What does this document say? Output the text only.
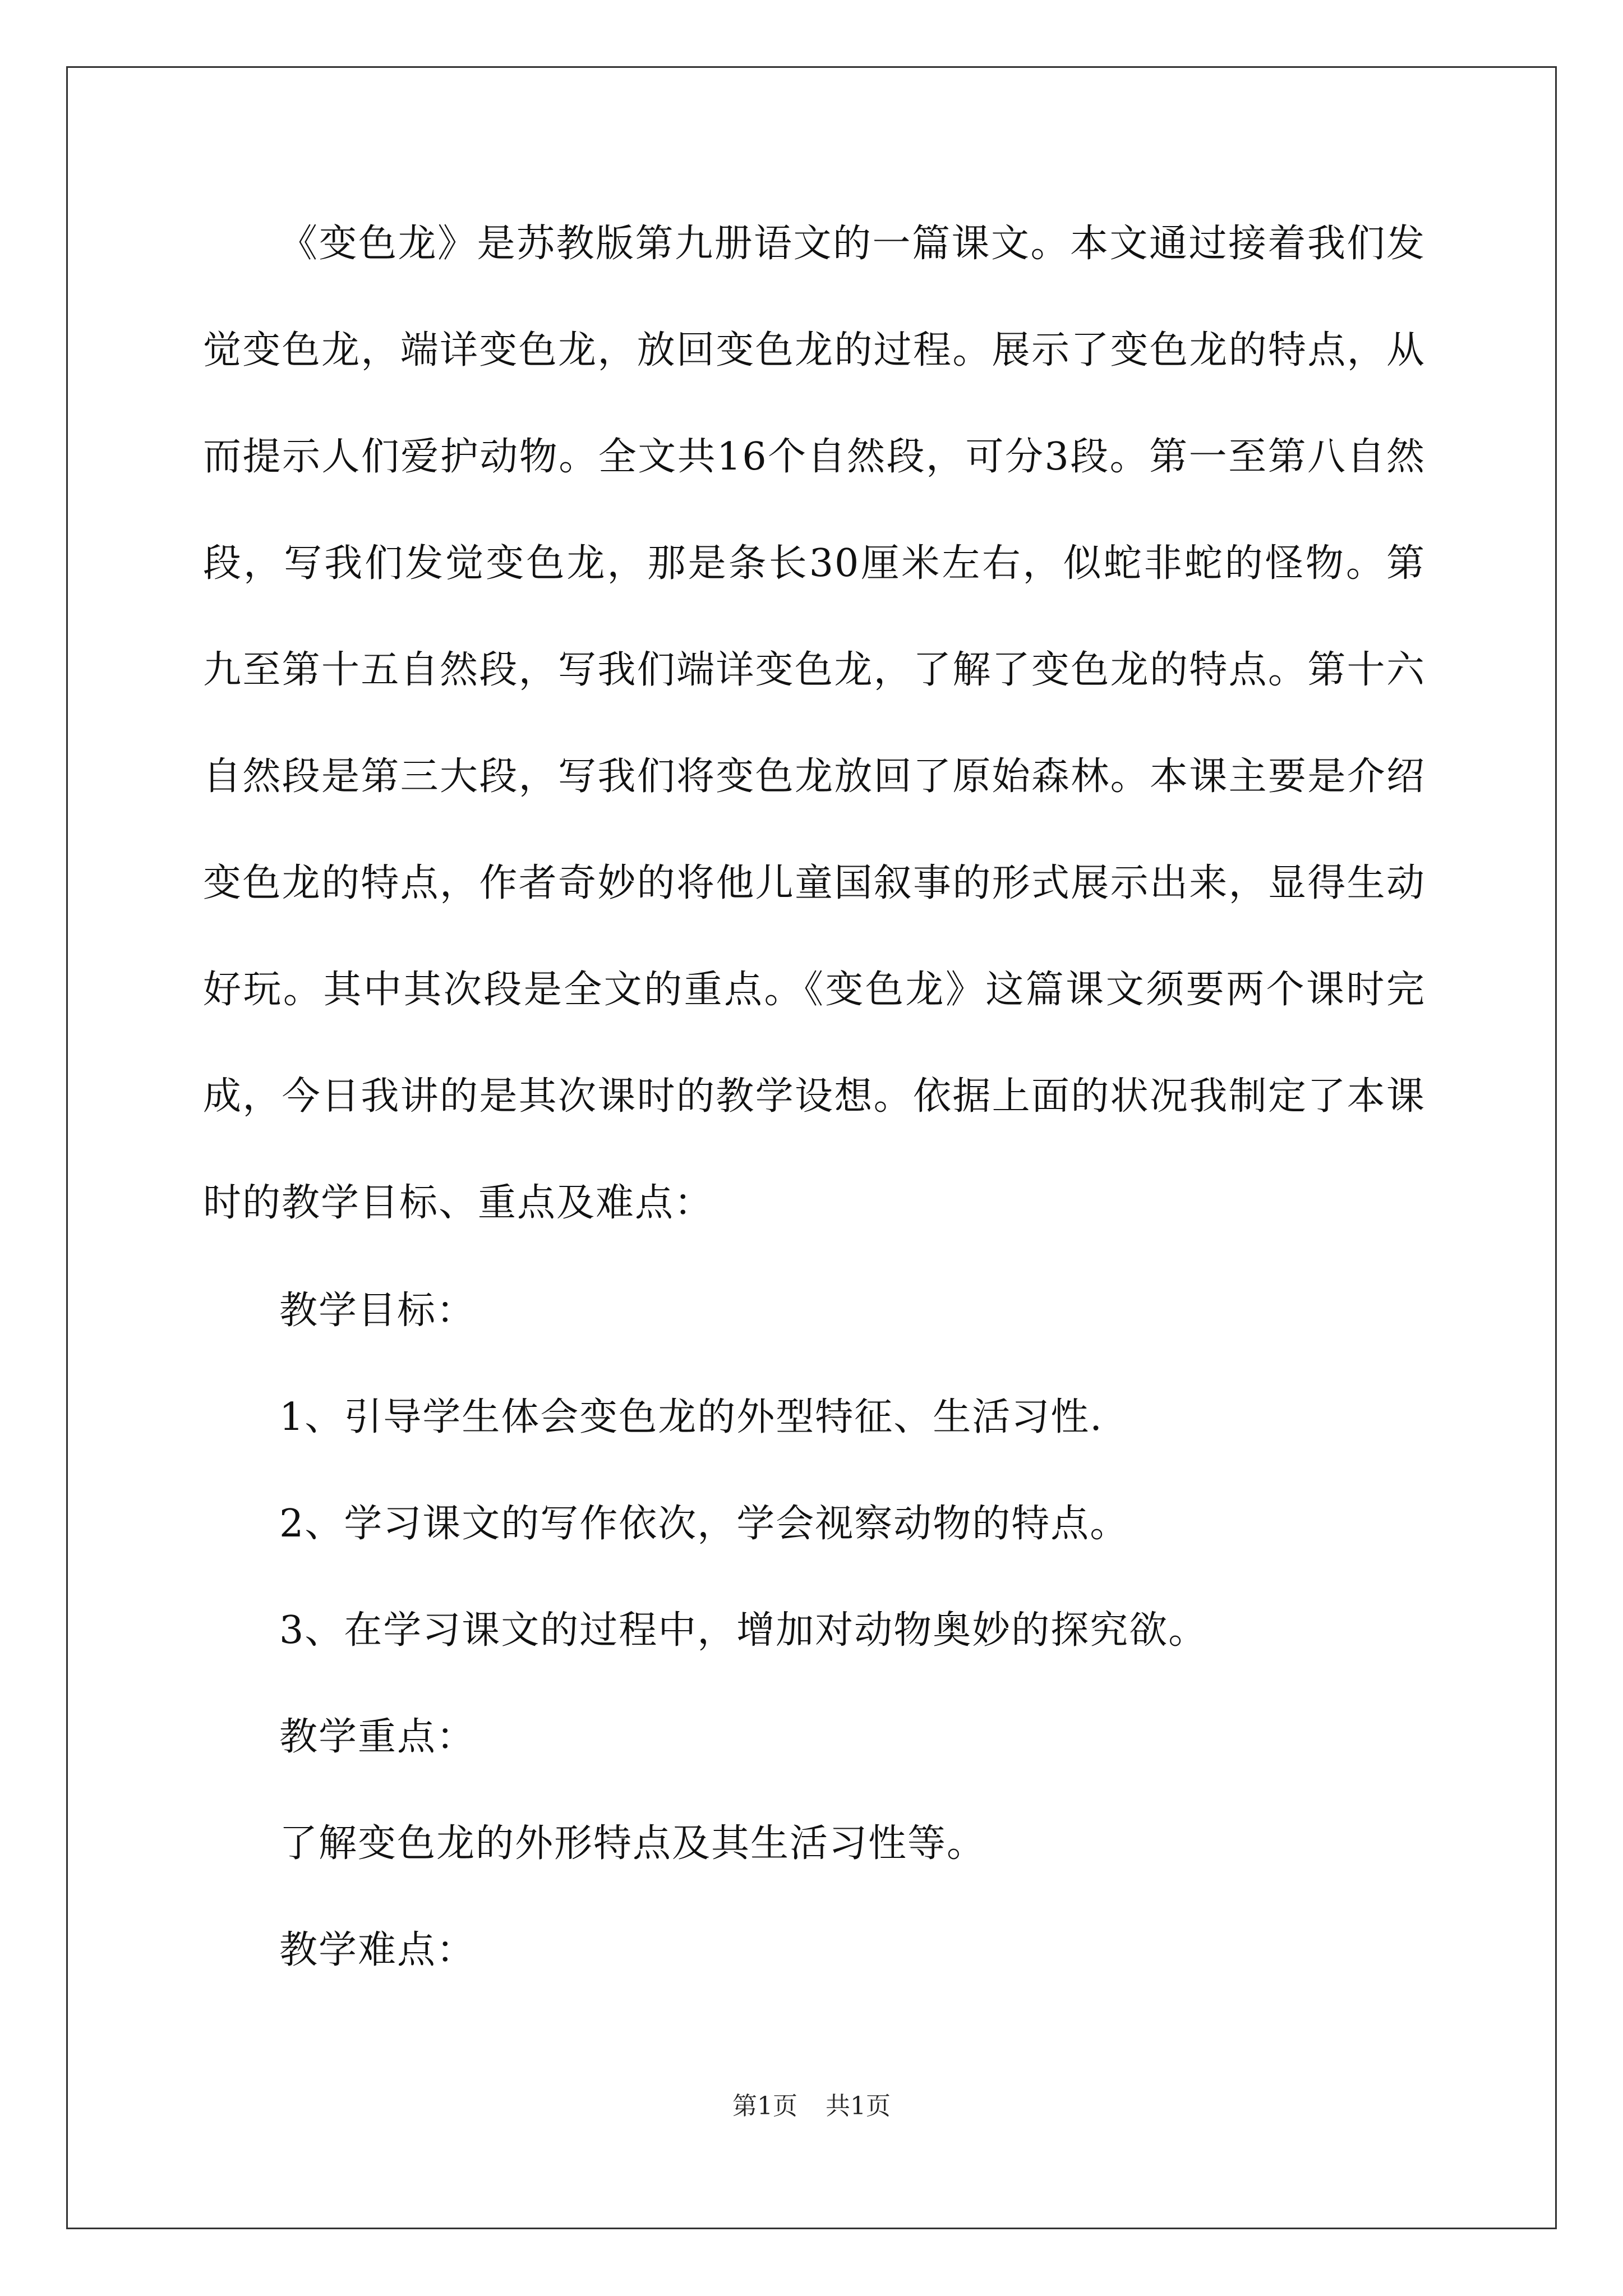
《变色龙》是苏教版第九册语文的一篇课文。本文通过接着我们发觉变色龙，端详变色龙，放回变色龙的过程。展示了变色龙的特点，从而提示人们爱护动物。全文共16个自然段，可分3段。第一至第八自然段，写我们发觉变色龙，那是条长30厘米左右，似蛇非蛇的怪物。第九至第十五自然段，写我们端详变色龙，了解了变色龙的特点。第十六自然段是第三大段，写我们将变色龙放回了原始森林。本课主要是介绍变色龙的特点，作者奇妙的将他儿童国叙事的形式展示出来，显得生动好玩。其中其次段是全文的重点。《变色龙》这篇课文须要两个课时完成，今日我讲的是其次课时的教学设想。依据上面的状况我制定了本课时的教学目标、重点及难点：

教学目标：

1、引导学生体会变色龙的外型特征、生活习性.

2、学习课文的写作依次，学会视察动物的特点。

3、在学习课文的过程中，增加对动物奥妙的探究欲。

教学重点：

了解变色龙的外形特点及其生活习性等。

教学难点：

第1页 共1页
